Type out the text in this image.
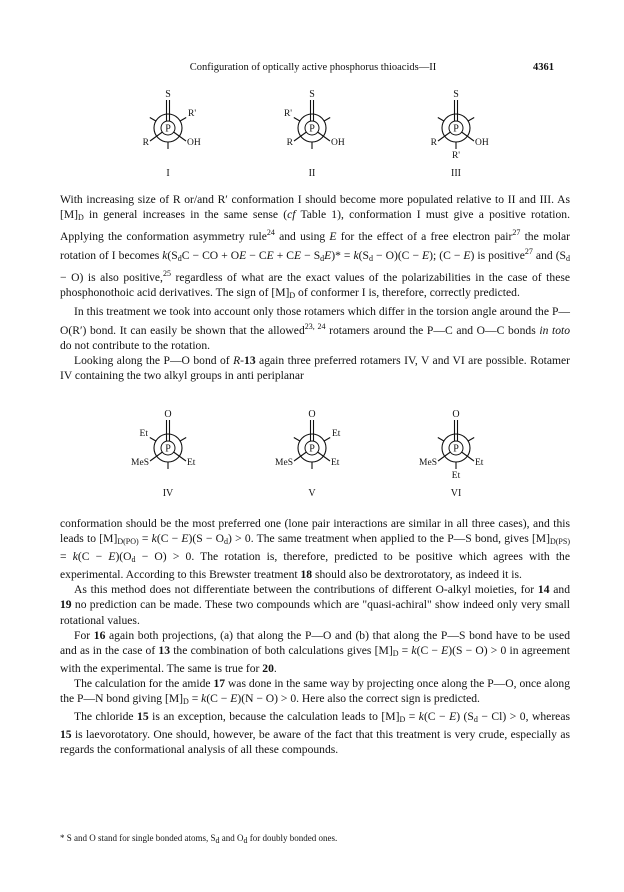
Configuration of optically active phosphorus thioacids—II	4361
P
S
R'
R	OH
I
P
S
R'
R	OH
II
P
S
R	OH
R'
III

With increasing size of R or/and R′ conformation I should become more populated relative to II and III. As $[M]_D$ in general increases in the same sense (cf Table 1), conformation I must give a positive rotation. Applying the conformation asymmetry rule$^{24}$ and using E for the effect of a free electron pair$^{27}$ the molar rotation of I becomes $k(S_dC$ − CO + OE − CE + CE − $S_dE)* = k(S_d - O)(C - E)$; (C − E) is positive$^{27}$ and $(S_d - O)$ is also positive,$^{25}$ regardless of what are the exact values of the polarizabilities in the case of these phosphonothoic acid derivatives. The sign of $[M]_D$ of conformer I is, therefore, correctly predicted.

In this treatment we took into account only those rotamers which differ in the torsion angle around the P—O(R′) bond. It can easily be shown that the allowed$^{23, 24}$ rotamers around the P—C and O—C bonds in toto do not contribute to the rotation.

Looking along the P—O bond of R-13 again three preferred rotamers IV, V and VI are possible. Rotamer IV containing the two alkyl groups in anti periplanar

P
O
Et
MeS	Et
IV
P
O
Et
MeS	Et
V
P
O
MeS	Et
Et
VI

conformation should be the most preferred one (lone pair interactions are similar in all three cases), and this leads to $[M]_{D(PO)} = k(C - E)(S - O_d) > 0$. The same treatment when applied to the P—S bond, gives $[M]_{D(PS)} = k(C - E)(O_d - O) > 0$. The rotation is, therefore, predicted to be positive which agrees with the experimental. According to this Brewster treatment 18 should also be dextrorotatory, as indeed it is.

As this method does not differentiate between the contributions of different O-alkyl moieties, for 14 and 19 no prediction can be made. These two compounds which are "quasi-achiral" show indeed only very small rotational values.

For 16 again both projections, (a) that along the P—O and (b) that along the P—S bond have to be used and as in the case of 13 the combination of both calculations gives $[M]_D = k(C - E)(S - O) > 0$ in agreement with the experimental. The same is true for 20.

The calculation for the amide 17 was done in the same way by projecting once along the P—O, once along the P—N bond giving $[M]_D = k(C - E)(N - O) > 0$. Here also the correct sign is predicted.

The chloride 15 is an exception, because the calculation leads to $[M]_D = k(C - E) (S_d - Cl) > 0$, whereas 15 is laevorotatory. One should, however, be aware of the fact that this treatment is very crude, especially as regards the conformational analysis of all these compounds.

* S and O stand for single bonded atoms, Sd and Od for doubly bonded ones.
